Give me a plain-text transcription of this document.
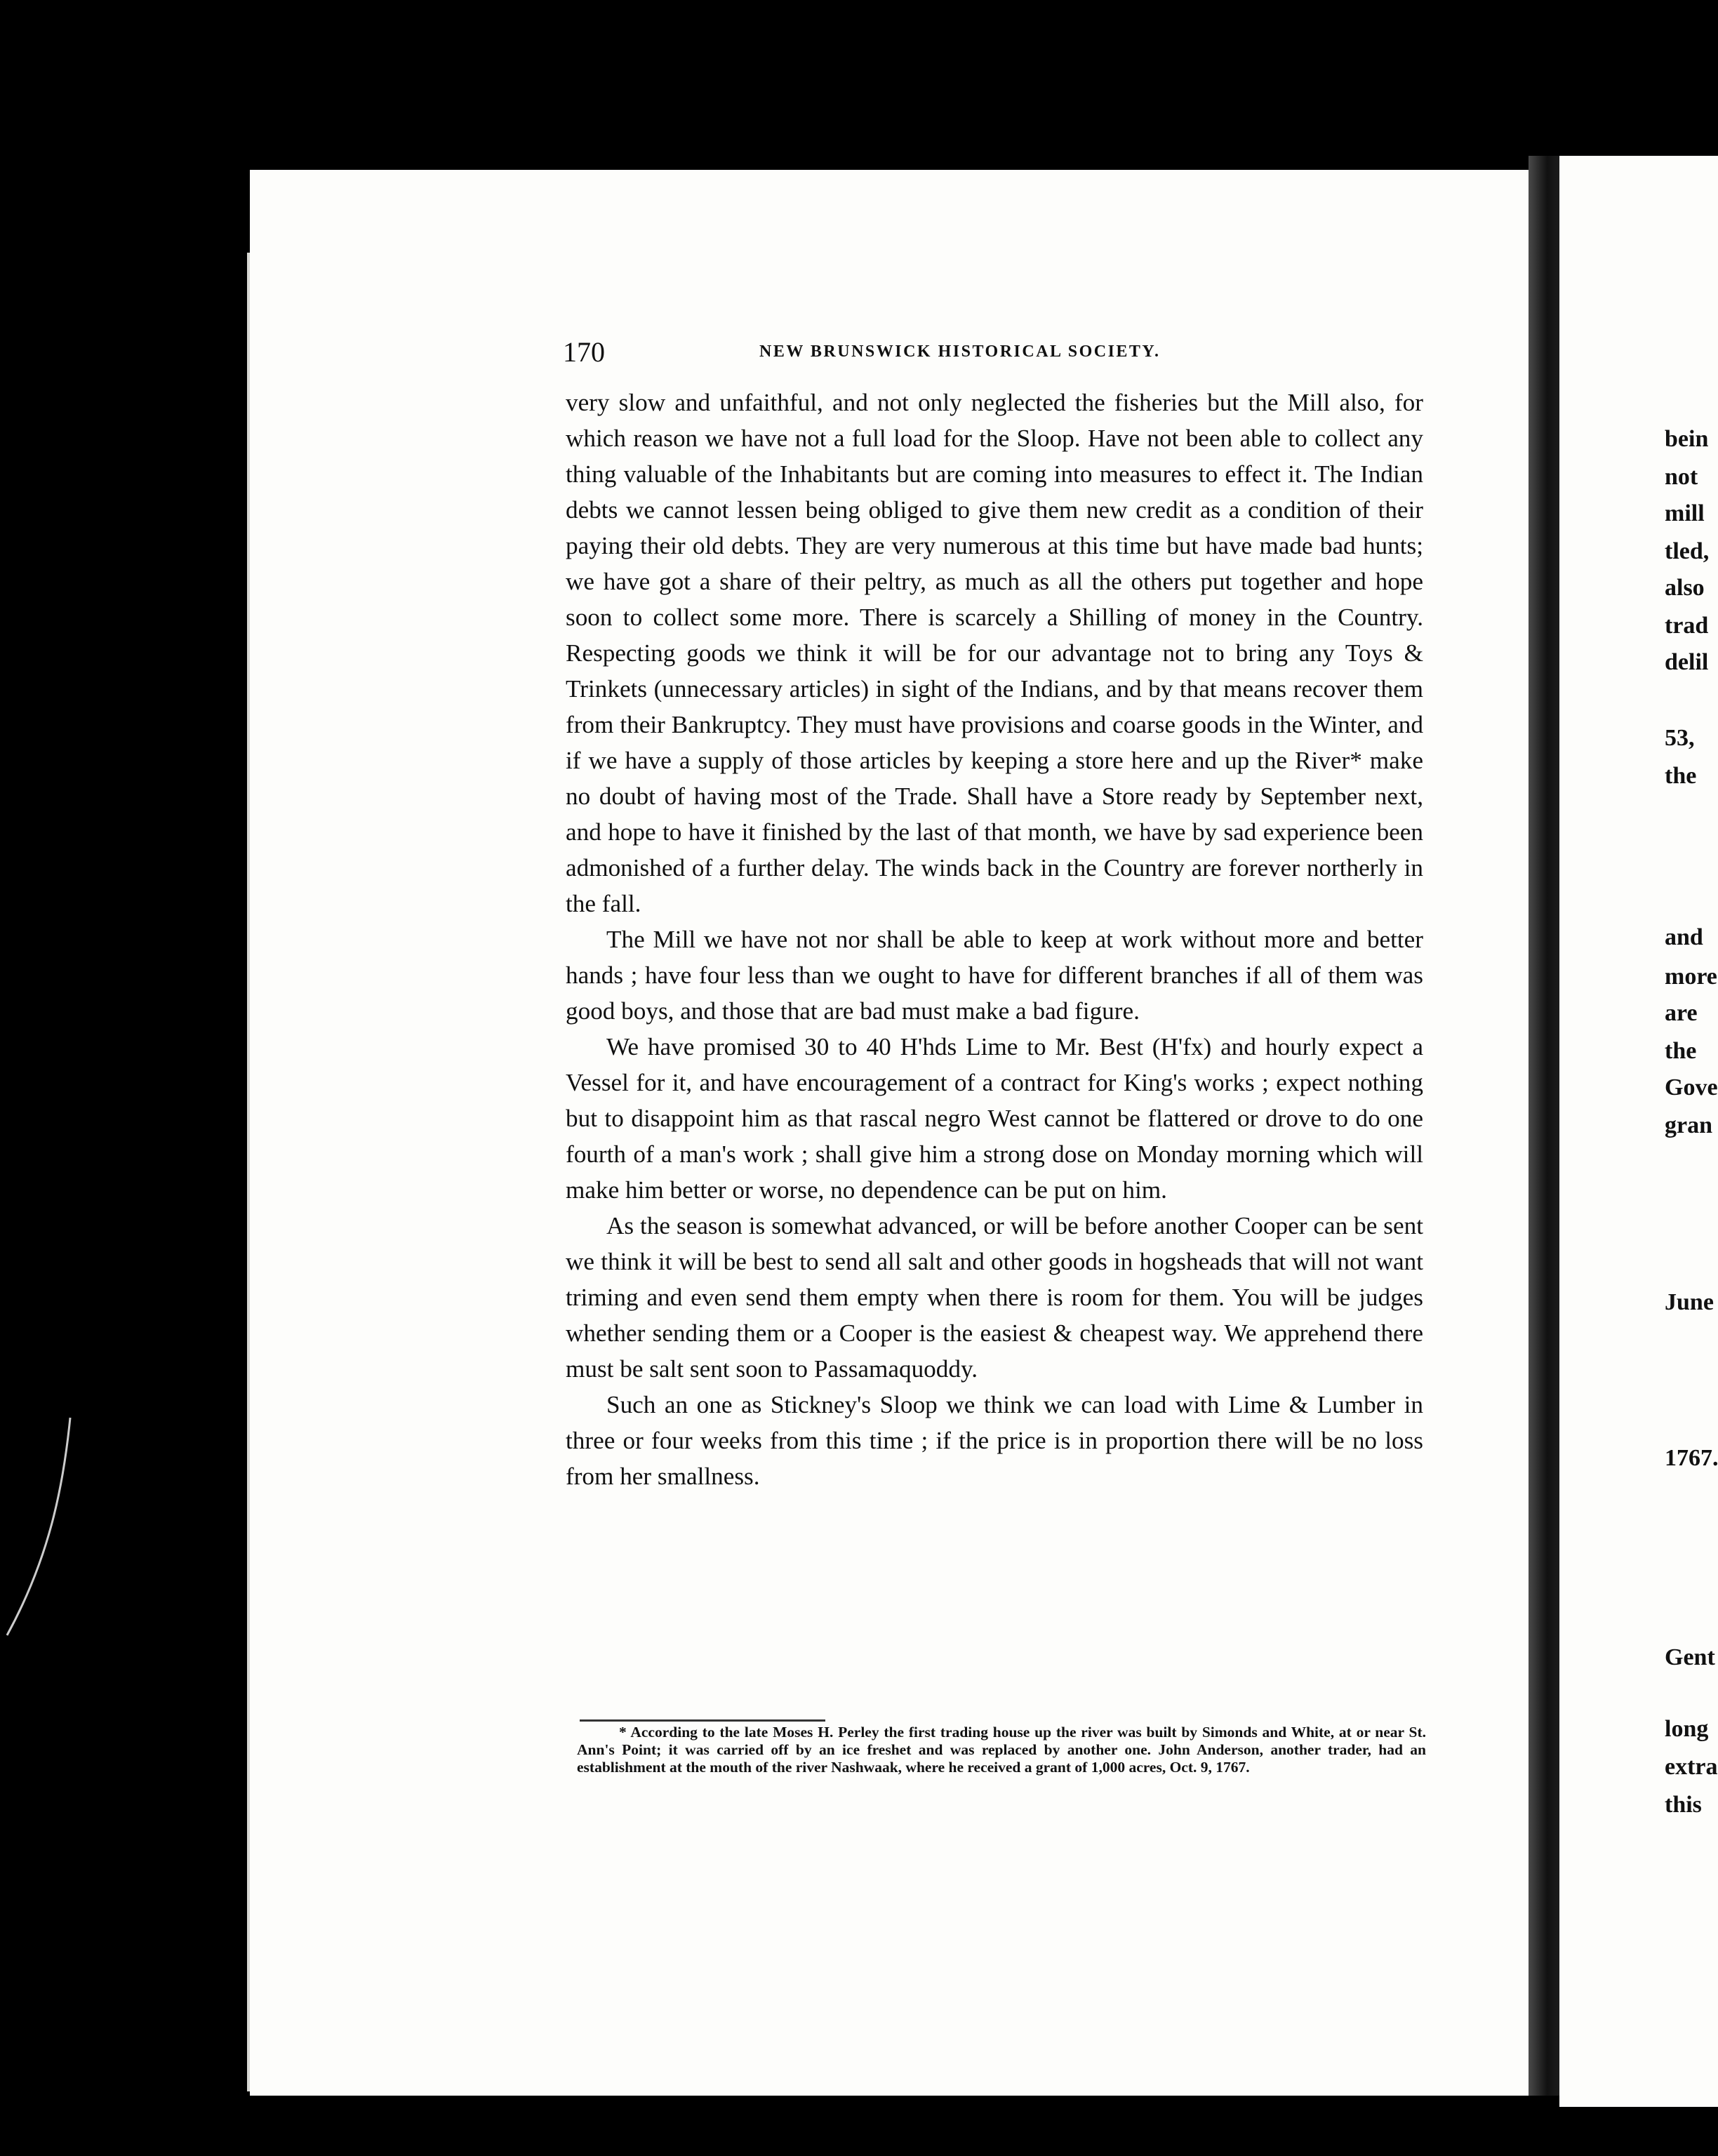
170	NEW BRUNSWICK HISTORICAL SOCIETY.

very slow and unfaithful, and not only neglected the fisheries but the Mill also, for which reason we have not a full load for the Sloop. Have not been able to collect any thing valuable of the Inhabitants but are coming into measures to effect it. The Indian debts we cannot lessen being obliged to give them new credit as a condition of their paying their old debts. They are very numerous at this time but have made bad hunts; we have got a share of their peltry, as much as all the others put together and hope soon to collect some more. There is scarcely a Shilling of money in the Country. Respecting goods we think it will be for our advantage not to bring any Toys & Trinkets (unnecessary articles) in sight of the Indians, and by that means recover them from their Bankruptcy. They must have provisions and coarse goods in the Winter, and if we have a supply of those articles by keeping a store here and up the River* make no doubt of having most of the Trade. Shall have a Store ready by September next, and hope to have it finished by the last of that month, we have by sad experience been admonished of a further delay. The winds back in the Country are forever northerly in the fall.

The Mill we have not nor shall be able to keep at work without more and better hands ; have four less than we ought to have for different branches if all of them was good boys, and those that are bad must make a bad figure.

We have promised 30 to 40 H'hds Lime to Mr. Best (H'fx) and hourly expect a Vessel for it, and have encouragement of a contract for King's works ; expect nothing but to disappoint him as that rascal negro West cannot be flattered or drove to do one fourth of a man's work ; shall give him a strong dose on Monday morning which will make him better or worse, no dependence can be put on him.

As the season is somewhat advanced, or will be before another Cooper can be sent we think it will be best to send all salt and other goods in hogsheads that will not want triming and even send them empty when there is room for them. You will be judges whether sending them or a Cooper is the easiest & cheapest way. We apprehend there must be salt sent soon to Passamaquoddy.

Such an one as Stickney's Sloop we think we can load with Lime & Lumber in three or four weeks from this time ; if the price is in proportion there will be no loss from her smallness.

* According to the late Moses H. Perley the first trading house up the river was built by Simonds and White, at or near St. Ann's Point; it was carried off by an ice freshet and was replaced by another one. John Anderson, another trader, had an establishment at the mouth of the river Nashwaak, where he received a grant of 1,000 acres, Oct. 9, 1767.

bein
not
mill
tled,
also
trad
delil
53,
the
and
more
are
the
Gove
gran
June
1767.
Gent
long
extra
this
